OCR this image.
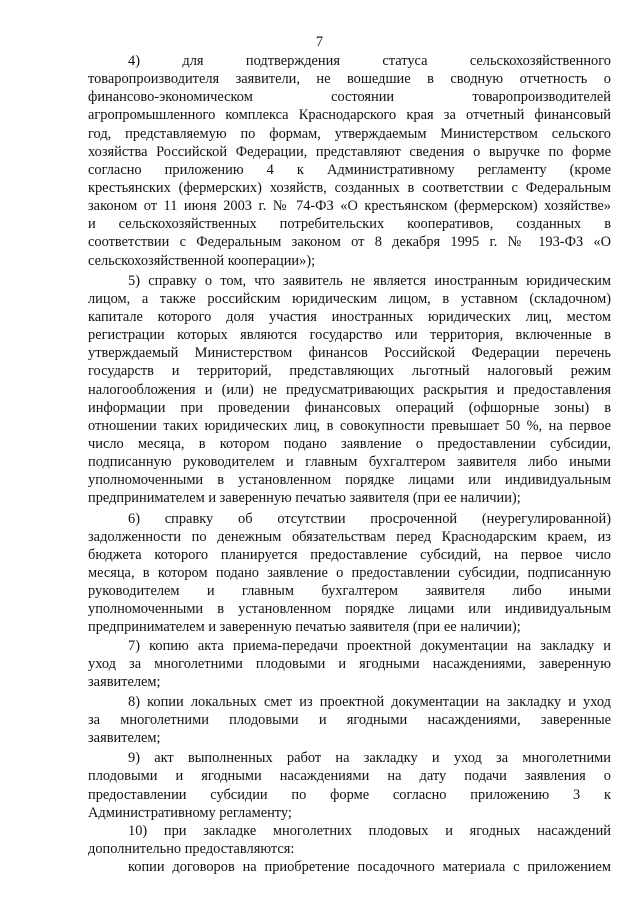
7
4) для подтверждения статуса сельскохозяйственного
товаропроизводителя заявители, не вошедшие в сводную отчетность о
финансово-экономическом состоянии товаропроизводителей
агропромышленного комплекса Краснодарского края за отчетный финансовый
год, представляемую по формам, утверждаемым Министерством сельского
хозяйства Российской Федерации, представляют сведения о выручке по форме
согласно приложению 4 к Административному регламенту (кроме
крестьянских (фермерских) хозяйств, созданных в соответствии с Федеральным
законом от 11 июня 2003 г. № 74-ФЗ «О крестьянском (фермерском) хозяйстве»
и сельскохозяйственных потребительских кооперативов, созданных в
соответствии с Федеральным законом от 8 декабря 1995 г. № 193-ФЗ «О
сельскохозяйственной кооперации»);
5) справку о том, что заявитель не является иностранным юридическим
лицом, а также российским юридическим лицом, в уставном (складочном)
капитале которого доля участия иностранных юридических лиц, местом
регистрации которых являются государство или территория, включенные в
утверждаемый Министерством финансов Российской Федерации перечень
государств и территорий, представляющих льготный налоговый режим
налогообложения и (или) не предусматривающих раскрытия и предоставления
информации при проведении финансовых операций (офшорные зоны) в
отношении таких юридических лиц, в совокупности превышает 50 %, на первое
число месяца, в котором подано заявление о предоставлении субсидии,
подписанную руководителем и главным бухгалтером заявителя либо иными
уполномоченными в установленном порядке лицами или индивидуальным
предпринимателем и заверенную печатью заявителя (при ее наличии);
6) справку об отсутствии просроченной (неурегулированной)
задолженности по денежным обязательствам перед Краснодарским краем, из
бюджета которого планируется предоставление субсидий, на первое число
месяца, в котором подано заявление о предоставлении субсидии, подписанную
руководителем и главным бухгалтером заявителя либо иными
уполномоченными в установленном порядке лицами или индивидуальным
предпринимателем и заверенную печатью заявителя (при ее наличии);
7) копию акта приема-передачи проектной документации на закладку и
уход за многолетними плодовыми и ягодными насаждениями, заверенную
заявителем;
8) копии локальных смет из проектной документации на закладку и уход
за многолетними плодовыми и ягодными насаждениями, заверенные
заявителем;
9) акт выполненных работ на закладку и уход за многолетними
плодовыми и ягодными насаждениями на дату подачи заявления о
предоставлении субсидии по форме согласно приложению 3 к
Административному регламенту;
10) при закладке многолетних плодовых и ягодных насаждений
дополнительно предоставляются:
копии договоров на приобретение посадочного материала с приложением
